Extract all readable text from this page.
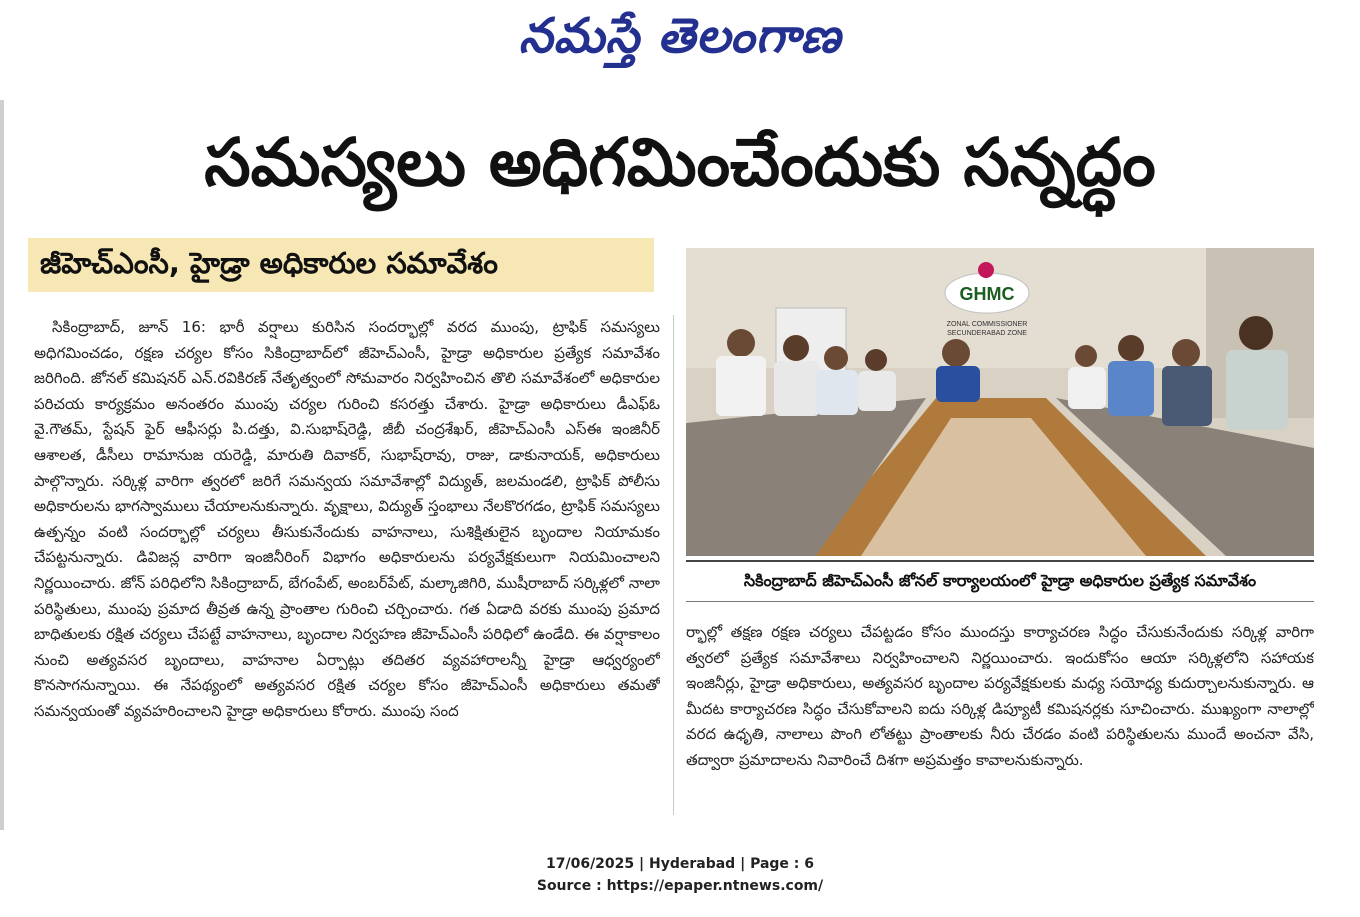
నమస్తే తెలంగాణ
సమస్యలు అధిగమించేందుకు సన్నద్ధం
జీహెచ్‌ఎంసీ, హైడ్రా అధికారుల సమావేశం

సికింద్రాబాద్, జూన్ 16: భారీ వర్షాలు కురిసిన సందర్భాల్లో వరద ముంపు, ట్రాఫిక్ సమస్యలు అధిగమించడం, రక్షణ చర్యల కోసం సికింద్రాబాద్‌లో జీహెచ్‌ఎంసీ, హైడ్రా అధికారుల ప్రత్యేక సమావేశం జరిగింది. జోనల్ కమిషనర్ ఎన్.రవికిరణ్ నేతృత్వంలో సోమవారం నిర్వహించిన తొలి సమావేశంలో అధికారుల పరిచయ కార్యక్రమం అనంతరం ముంపు చర్యల గురించి కసరత్తు చేశారు. హైడ్రా అధికారులు డీఎఫ్ఓ వై.గౌతమ్, స్టేషన్ ఫైర్ ఆఫీసర్లు పి.దత్తు, వి.సుభాష్‌రెడ్డి, జీబీ చంద్రశేఖర్, జీహెచ్‌ఎంసీ ఎస్‌ఈ ఇంజినీర్ ఆశాలత, డీసీలు రామానుజ యరెడ్డి, మారుతి దివాకర్, సుభాష్‌రావు, రాజు, డాకునాయక్, అధికారులు పాల్గొన్నారు. సర్కిళ్ల వారిగా త్వరలో జరిగే సమన్వయ సమావేశాల్లో విద్యుత్, జలమండలి, ట్రాఫిక్ పోలీసు అధికారులను భాగస్వాములు చేయాలనుకున్నారు. వృక్షాలు, విద్యుత్ స్తంభాలు నేలకొరగడం, ట్రాఫిక్ సమస్యలు ఉత్పన్నం వంటి సందర్భాల్లో చర్యలు తీసుకునేందుకు వాహనాలు, సుశిక్షితులైన బృందాల నియామకం చేపట్టనున్నారు. డివిజన్ల వారిగా ఇంజినీరింగ్ విభాగం అధికారులను పర్యవేక్షకులుగా నియమించాలని నిర్ణయించారు. జోన్ పరిధిలోని సికింద్రాబాద్, బేగంపేట్, అంబర్‌పేట్, మల్కాజిగిరి, ముషీరాబాద్ సర్కిళ్లలో నాలా పరిస్థితులు, ముంపు ప్రమాద తీవ్రత ఉన్న ప్రాంతాల గురించి చర్చించారు. గత ఏడాది వరకు ముంపు ప్రమాద బాధితులకు రక్షిత చర్యలు చేపట్టే వాహనాలు, బృందాల నిర్వహణ జీహెచ్‌ఎంసీ పరిధిలో ఉండేది. ఈ వర్షాకాలం నుంచి అత్యవసర బృందాలు, వాహనాల ఏర్పాట్లు తదితర వ్యవహారాలన్నీ హైడ్రా ఆధ్వర్యంలో కొనసాగనున్నాయి. ఈ నేపథ్యంలో అత్యవసర రక్షిత చర్యల కోసం జీహెచ్‌ఎంసీ అధికారులు తమతో సమన్వయంతో వ్యవహరించాలని హైడ్రా అధికారులు కోరారు. ముంపు సంద

GHMC
ZONAL COMMISSIONER
SECUNDERABAD ZONE
సికింద్రాబాద్ జీహెచ్‌ఎంసీ జోనల్ కార్యాలయంలో హైడ్రా అధికారుల ప్రత్యేక సమావేశం

ర్భాల్లో తక్షణ రక్షణ చర్యలు చేపట్టడం కోసం ముందస్తు కార్యాచరణ సిద్ధం చేసుకునేందుకు సర్కిళ్ల వారిగా త్వరలో ప్రత్యేక సమావేశాలు నిర్వహించాలని నిర్ణయించారు. ఇందుకోసం ఆయా సర్కిళ్లలోని సహాయక ఇంజినీర్లు, హైడ్రా అధికారులు, అత్యవసర బృందాల పర్యవేక్షకులకు మధ్య సయోధ్య కుదుర్చాలనుకున్నారు. ఆ మీదట కార్యాచరణ సిద్ధం చేసుకోవాలని ఐదు సర్కిళ్ల డిప్యూటీ కమిషనర్లకు సూచించారు. ముఖ్యంగా నాలాల్లో వరద ఉధృతి, నాలాలు పొంగి లోతట్టు ప్రాంతాలకు నీరు చేరడం వంటి పరిస్థితులను ముందే అంచనా వేసి, తద్వారా ప్రమాదాలను నివారించే దిశగా అప్రమత్తం కావాలనుకున్నారు.

17/06/2025 | Hyderabad | Page : 6
Source : https://epaper.ntnews.com/
